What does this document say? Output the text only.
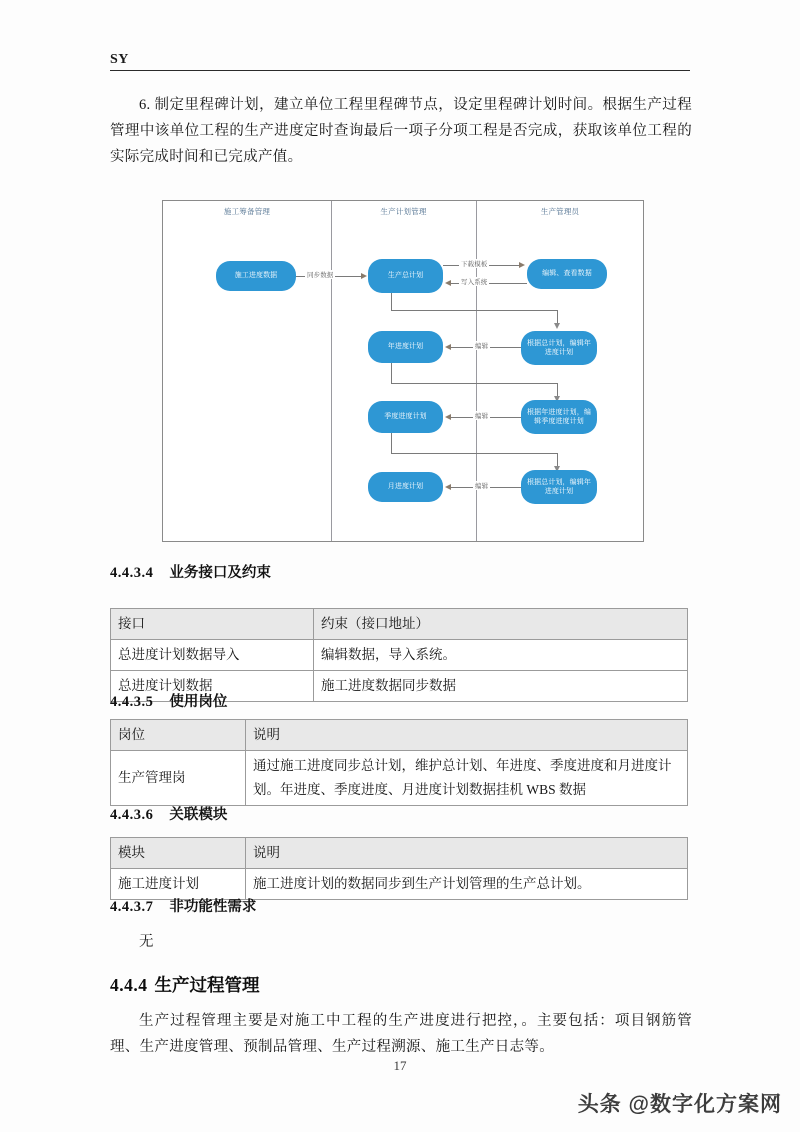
SY
6. 制定里程碑计划，建立单位工程里程碑节点，设定里程碑计划时间。根据生产过程管理中该单位工程的生产进度定时查询最后一项子分项工程是否完成，获取该单位工程的实际完成时间和已完成产值。
施工筹备管理	生产计划管理	生产管理员
施工进度数据	同步数据	生产总计划	编辑、查看数据
下载模板
写入系统
根据总计划，编辑年进度计划
年进度计划	编辑
根据年进度计划，编辑季度进度计划
季度进度计划	编辑
根据总计划，编辑年进度计划
月进度计划	编辑
4.4.3.4 业务接口及约束
接口	约束（接口地址）
总进度计划数据导入	编辑数据，导入系统。
总进度计划数据	施工进度数据同步数据
4.4.3.5 使用岗位
岗位	说明
生产管理岗	通过施工进度同步总计划，维护总计划、年进度、季度进度和月进度计划。年进度、季度进度、月进度计划数据挂机 WBS 数据
4.4.3.6 关联模块
模块	说明
施工进度计划	施工进度计划的数据同步到生产计划管理的生产总计划。
4.4.3.7 非功能性需求
无
4.4.4 生产过程管理
生产过程管理主要是对施工中工程的生产进度进行把控，。主要包括：项目钢筋管理、生产进度管理、预制品管理、生产过程溯源、施工生产日志等。
17
头条 @数字化方案网
